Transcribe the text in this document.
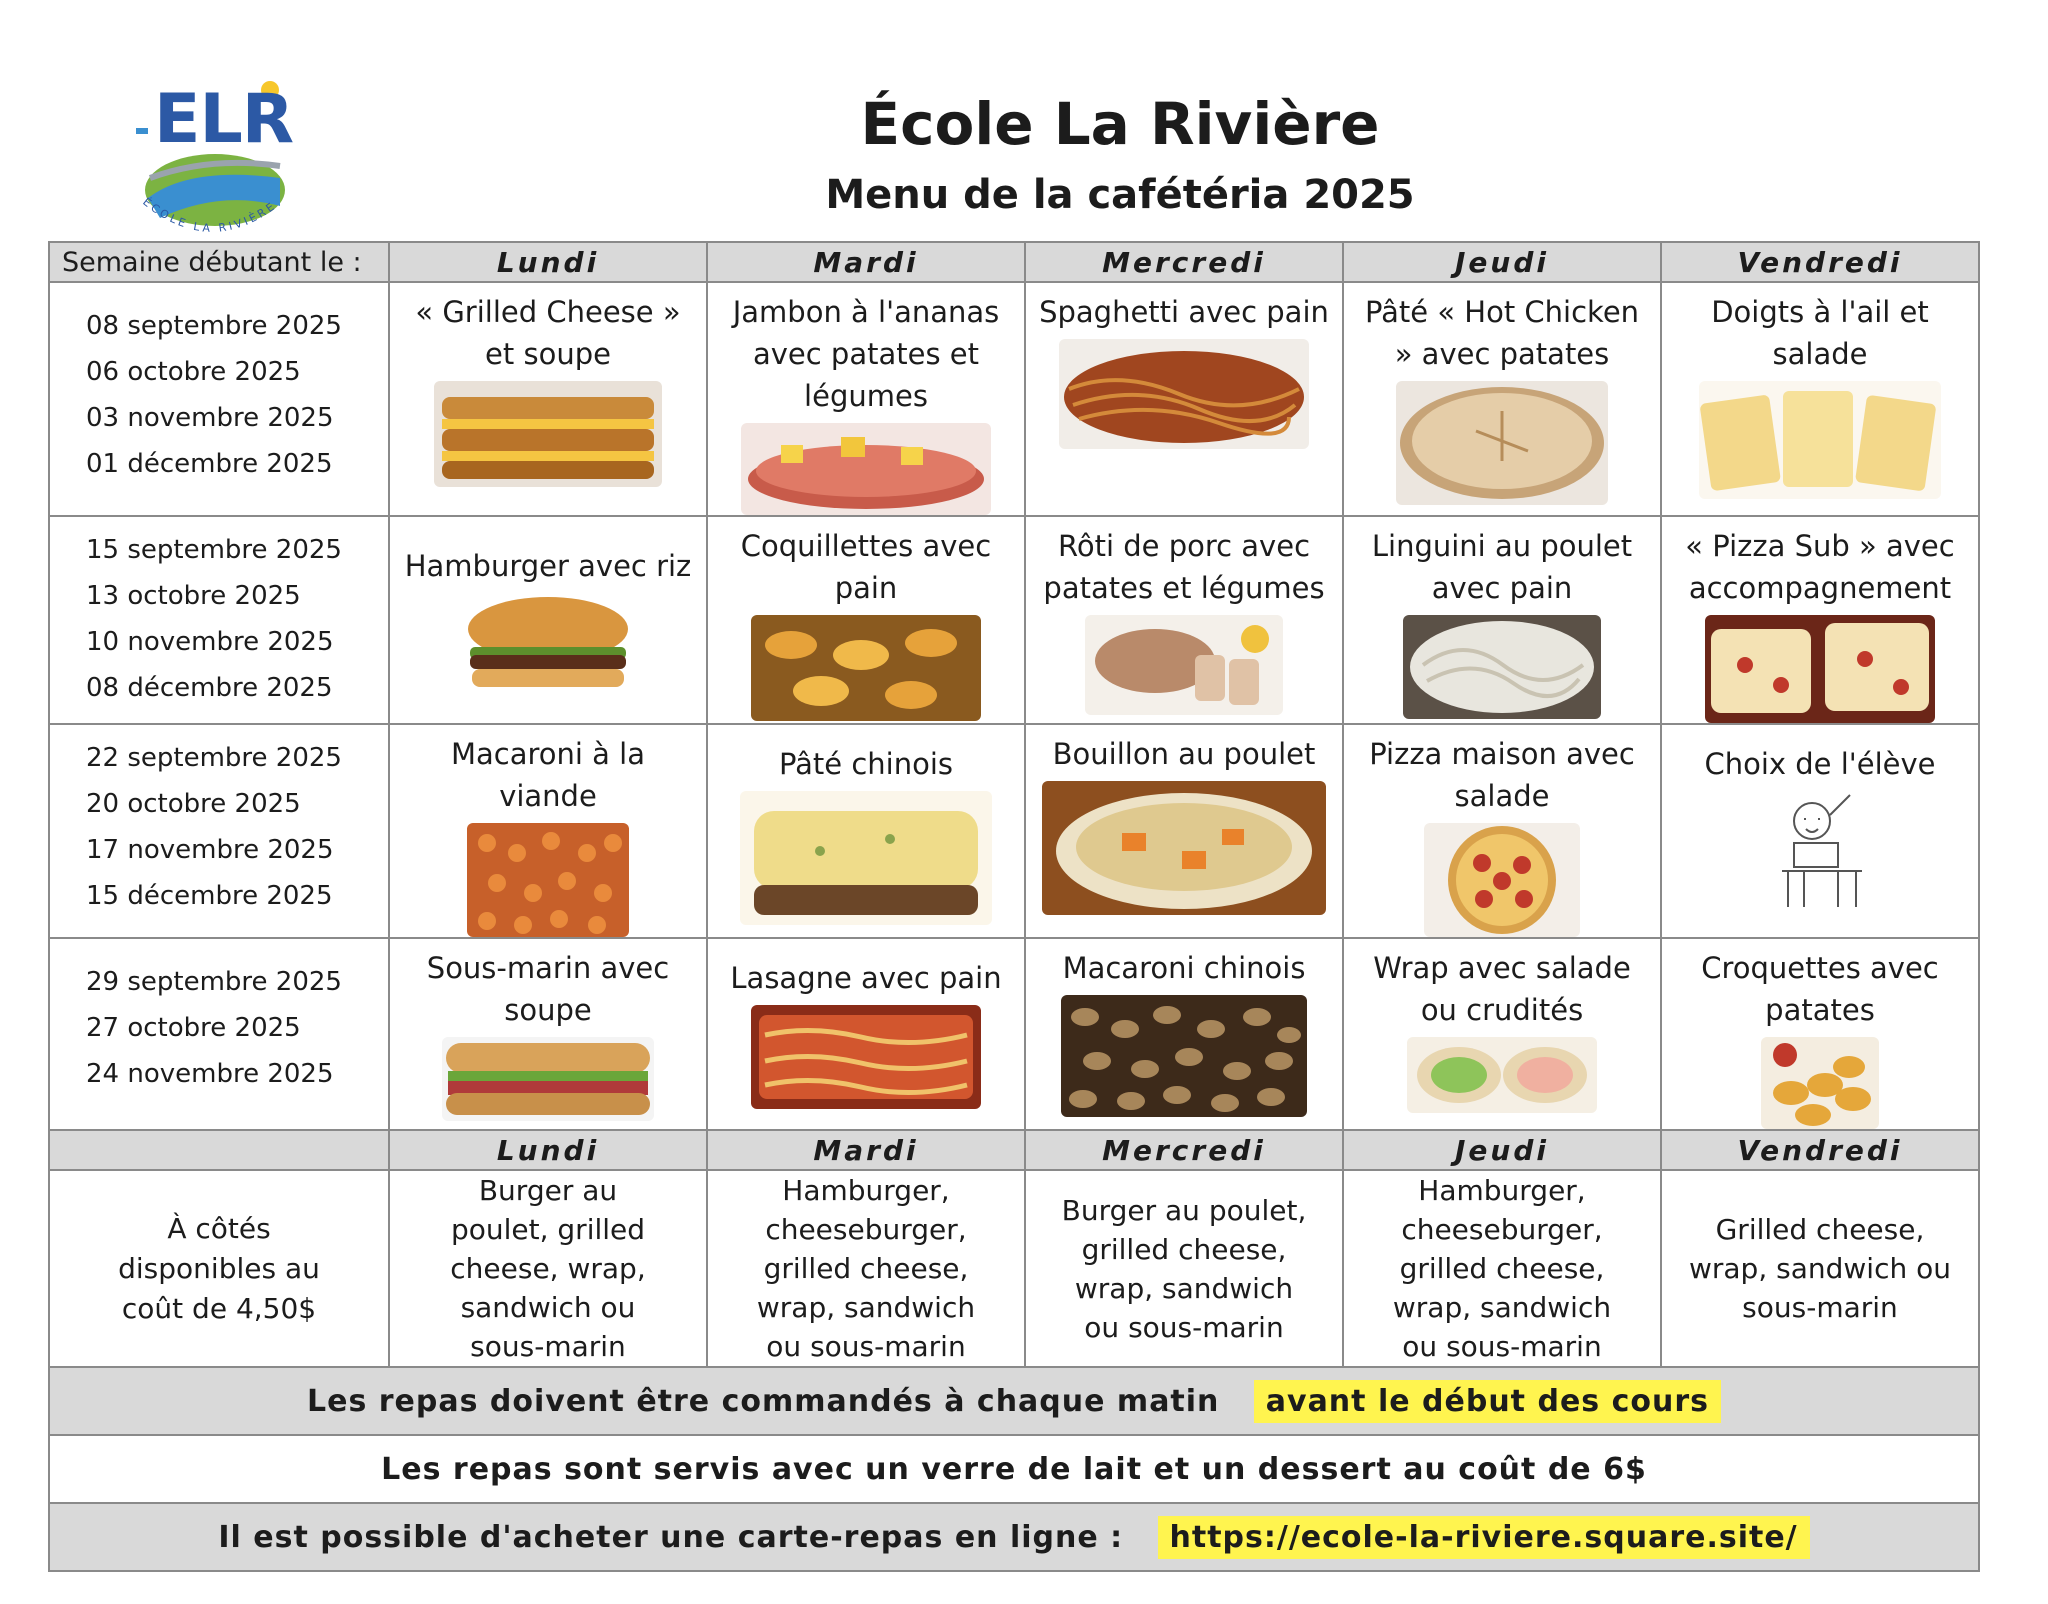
ELR
ÉCOLE LA RIVIÈRE
École La Rivière
Menu de la cafétéria 2025
Semaine débutant le :	Lundi	Mardi	Mercredi	Jeudi	Vendredi

08 septembre 2025
06 octobre 2025
03 novembre 2025
01 décembre 2025	« Grilled Cheese » et soupe	Jambon à l'ananas avec patates et légumes	Spaghetti avec pain	Pâté « Hot Chicken » avec patates	Doigts à l'ail et salade

15 septembre 2025
13 octobre 2025
10 novembre 2025
08 décembre 2025	Hamburger avec riz	Coquillettes avec pain	Rôti de porc avec patates et légumes	Linguini au poulet avec pain	« Pizza Sub » avec accompagnement

22 septembre 2025
20 octobre 2025
17 novembre 2025
15 décembre 2025	Macaroni à la viande	Pâté chinois	Bouillon au poulet	Pizza maison avec salade	Choix de l'élève

29 septembre 2025
27 octobre 2025
24 novembre 2025	Sous-marin avec soupe	Lasagne avec pain	Macaroni chinois	Wrap avec salade ou crudités	Croquettes avec patates

	Lundi	Mardi	Mercredi	Jeudi	Vendredi

À côtés disponibles au coût de 4,50$	Burger au poulet, grilled cheese, wrap, sandwich ou sous-marin	Hamburger, cheeseburger, grilled cheese, wrap, sandwich ou sous-marin	Burger au poulet, grilled cheese, wrap, sandwich ou sous-marin	Hamburger, cheeseburger, grilled cheese, wrap, sandwich ou sous-marin	Grilled cheese, wrap, sandwich ou sous-marin

Les repas doivent être commandés à chaque matin avant le début des cours					
Les repas sont servis avec un verre de lait et un dessert au coût de 6$					
Il est possible d'acheter une carte-repas en ligne : https://ecole-la-riviere.square.site/					
